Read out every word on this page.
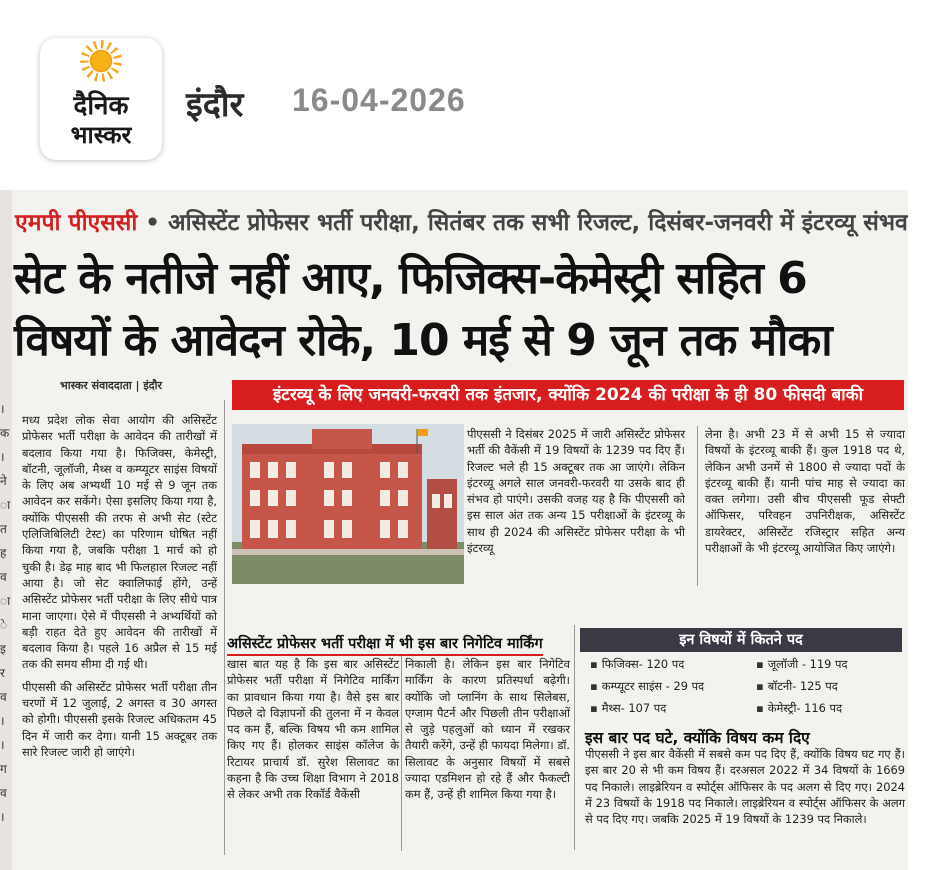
दैनिक
भास्कर
इंदौर 16-04-2026
।
क
।
ने
ा
त
ह
व
ा
े
इ
र
व
।
।
ग
व
।
एमपी पीएससी • असिस्टेंट प्रोफेसर भर्ती परीक्षा, सितंबर तक सभी रिजल्ट, दिसंबर-जनवरी में इंटरव्यू संभव
सेट के नतीजे नहीं आए, फिजिक्स-केमेस्ट्री सहित 6
विषयों के आवेदन रोके, 10 मई से 9 जून तक मौका
भास्कर संवाददाता | इंदौर

मध्य प्रदेश लोक सेवा आयोग की असिस्टेंट प्रोफेसर भर्ती परीक्षा के आवेदन की तारीखों में बदलाव किया गया है। फिजिक्स, केमेस्ट्री, बॉटनी, जूलॉजी, मैथ्स व कम्प्यूटर साइंस विषयों के लिए अब अभ्यर्थी 10 मई से 9 जून तक आवेदन कर सकेंगे। ऐसा इसलिए किया गया है, क्योंकि पीएससी की तरफ से अभी सेट (स्टेट एलिजिबिलिटी टेस्ट) का परिणाम घोषित नहीं किया गया है, जबकि परीक्षा 1 मार्च को हो चुकी है। डेढ़ माह बाद भी फिलहाल रिजल्ट नहीं आया है। जो सेट क्वालिफाई होंगे, उन्हें असिस्टेंट प्रोफेसर भर्ती परीक्षा के लिए सीधे पात्र माना जाएगा। ऐसे में पीएससी ने अभ्यर्थियों को बड़ी राहत देते हुए आवेदन की तारीखों में बदलाव किया है। पहले 16 अप्रैल से 15 मई तक की समय सीमा दी गई थी।

पीएससी की असिस्टेंट प्रोफेसर भर्ती परीक्षा तीन चरणों में 12 जुलाई, 2 अगस्त व 30 अगस्त को होगी। पीएससी इसके रिजल्ट अधिकतम 45 दिन में जारी कर देगा। यानी 15 अक्टूबर तक सारे रिजल्ट जारी हो जाएंगे।

इंटरव्यू के लिए जनवरी-फरवरी तक इंतजार, क्योंकि 2024 की परीक्षा के ही 80 फीसदी बाकी
पीएससी ने दिसंबर 2025 में जारी असिस्टेंट प्रोफेसर भर्ती की वैकेंसी में 19 विषयों के 1239 पद दिए हैं। रिजल्ट भले ही 15 अक्टूबर तक आ जाएंगे। लेकिन इंटरव्यू अगले साल जनवरी-फरवरी या उसके बाद ही संभव हो पाएंगे। उसकी वजह यह है कि पीएससी को इस साल अंत तक अन्य 15 परीक्षाओं के इंटरव्यू के साथ ही 2024 की असिस्टेंट प्रोफेसर परीक्षा के भी इंटरव्यू
लेना है। अभी 23 में से अभी 15 से ज्यादा विषयों के इंटरव्यू बाकी हैं। कुल 1918 पद थे, लेकिन अभी उनमें से 1800 से ज्यादा पदों के इंटरव्यू बाकी हैं। यानी पांच माह से ज्यादा का वक्त लगेगा। उसी बीच पीएससी फूड सेफ्टी ऑफिसर, परिवहन उपनिरीक्षक, असिस्टेंट डायरेक्टर, असिस्टेंट रजिस्ट्रार सहित अन्य परीक्षाओं के भी इंटरव्यू आयोजित किए जाएंगे।
असिस्टेंट प्रोफेसर भर्ती परीक्षा में भी इस बार निगेटिव मार्किंग
खास बात यह है कि इस बार असिस्टेंट प्रोफेसर भर्ती परीक्षा में निगेटिव मार्किंग का प्रावधान किया गया है। वैसे इस बार पिछले दो विज्ञापनों की तुलना में न केवल पद कम हैं, बल्कि विषय भी कम शामिल किए गए हैं। होलकर साइंस कॉलेज के रिटायर प्राचार्य डॉ. सुरेश सिलावट का कहना है कि उच्च शिक्षा विभाग ने 2018 से लेकर अभी तक रिकॉर्ड वैकेंसी
निकाली है। लेकिन इस बार निगेटिव मार्किंग के कारण प्रतिस्पर्धा बढ़ेगी। क्योंकि जो प्लानिंग के साथ सिलेबस, एग्जाम पैटर्न और पिछली तीन परीक्षाओं से जुड़े पहलुओं को ध्यान में रखकर तैयारी करेंगे, उन्हें ही फायदा मिलेगा। डॉ. सिलावट के अनुसार विषयों में सबसे ज्यादा एडमिशन हो रहे हैं और फैकल्टी कम हैं, उन्हें ही शामिल किया गया है।
इन विषयों में कितने पद
▪ फिजिक्स- 120 पद	▪ जूलॉजी - 119 पद
▪ कम्प्यूटर साइंस - 29 पद	▪ बॉटनी- 125 पद
▪ मैथ्स- 107 पद	▪ केमेस्ट्री- 116 पद
इस बार पद घटे, क्योंकि विषय कम दिए
पीएससी ने इस बार वैकेंसी में सबसे कम पद दिए हैं, क्योंकि विषय घट गए हैं। इस बार 20 से भी कम विषय हैं। दरअसल 2022 में 34 विषयों के 1669 पद निकाले। लाइब्रेरियन व स्पोर्ट्स ऑफिसर के पद अलग से दिए गए। 2024 में 23 विषयों के 1918 पद निकाले। लाइब्रेरियन व स्पोर्ट्स ऑफिसर के अलग से पद दिए गए। जबकि 2025 में 19 विषयों के 1239 पद निकाले।
